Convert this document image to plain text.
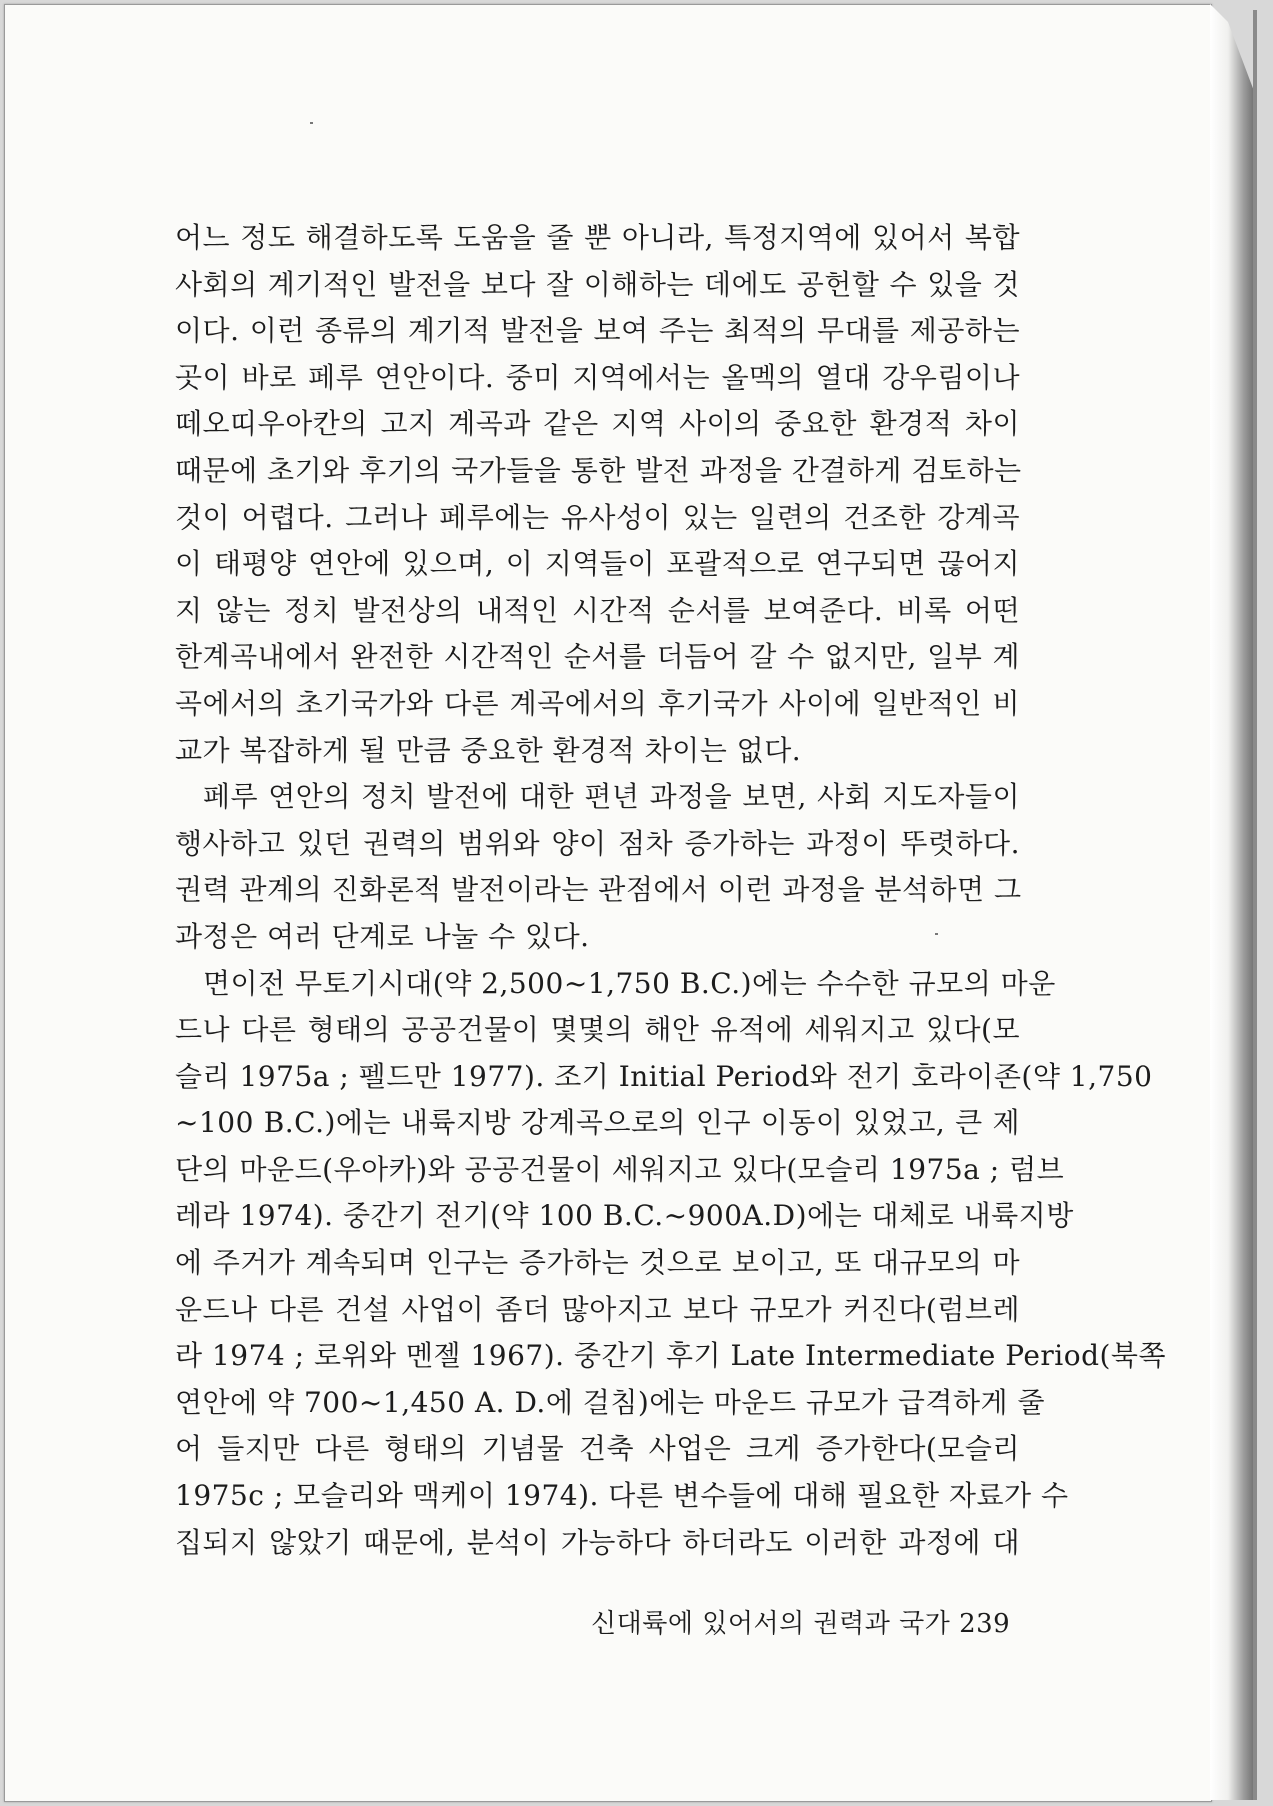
어느 정도 해결하도록 도움을 줄 뿐 아니라, 특정지역에 있어서 복합
사회의 계기적인 발전을 보다 잘 이해하는 데에도 공헌할 수 있을 것
이다. 이런 종류의 계기적 발전을 보여 주는 최적의 무대를 제공하는
곳이 바로 페루 연안이다. 중미 지역에서는 올멕의 열대 강우림이나
떼오띠우아칸의 고지 계곡과 같은 지역 사이의 중요한 환경적 차이
때문에 초기와 후기의 국가들을 통한 발전 과정을 간결하게 검토하는
것이 어렵다. 그러나 페루에는 유사성이 있는 일련의 건조한 강계곡
이 태평양 연안에 있으며, 이 지역들이 포괄적으로 연구되면 끊어지
지 않는 정치 발전상의 내적인 시간적 순서를 보여준다. 비록 어떤
한계곡내에서 완전한 시간적인 순서를 더듬어 갈 수 없지만, 일부 계
곡에서의 초기국가와 다른 계곡에서의 후기국가 사이에 일반적인 비
교가 복잡하게 될 만큼 중요한 환경적 차이는 없다.
페루 연안의 정치 발전에 대한 편년 과정을 보면, 사회 지도자들이
행사하고 있던 권력의 범위와 양이 점차 증가하는 과정이 뚜렷하다.
권력 관계의 진화론적 발전이라는 관점에서 이런 과정을 분석하면 그
과정은 여러 단계로 나눌 수 있다.
면이전 무토기시대(약 2,500~1,750 B.C.)에는 수수한 규모의 마운
드나 다른 형태의 공공건물이 몇몇의 해안 유적에 세워지고 있다(모
슬리 1975a ; 펠드만 1977). 조기 Initial Period와 전기 호라이존(약 1,750
~100 B.C.)에는 내륙지방 강계곡으로의 인구 이동이 있었고, 큰 제
단의 마운드(우아카)와 공공건물이 세워지고 있다(모슬리 1975a ; 럼브
레라 1974). 중간기 전기(약 100 B.C.~900A.D)에는 대체로 내륙지방
에 주거가 계속되며 인구는 증가하는 것으로 보이고, 또 대규모의 마
운드나 다른 건설 사업이 좀더 많아지고 보다 규모가 커진다(럼브레
라 1974 ; 로위와 멘젤 1967). 중간기 후기 Late Intermediate Period(북쪽
연안에 약 700~1,450 A. D.에 걸침)에는 마운드 규모가 급격하게 줄
어 들지만 다른 형태의 기념물 건축 사업은 크게 증가한다(모슬리
1975c ; 모슬리와 맥케이 1974). 다른 변수들에 대해 필요한 자료가 수
집되지 않았기 때문에, 분석이 가능하다 하더라도 이러한 과정에 대
신대륙에 있어서의 권력과 국가 239
